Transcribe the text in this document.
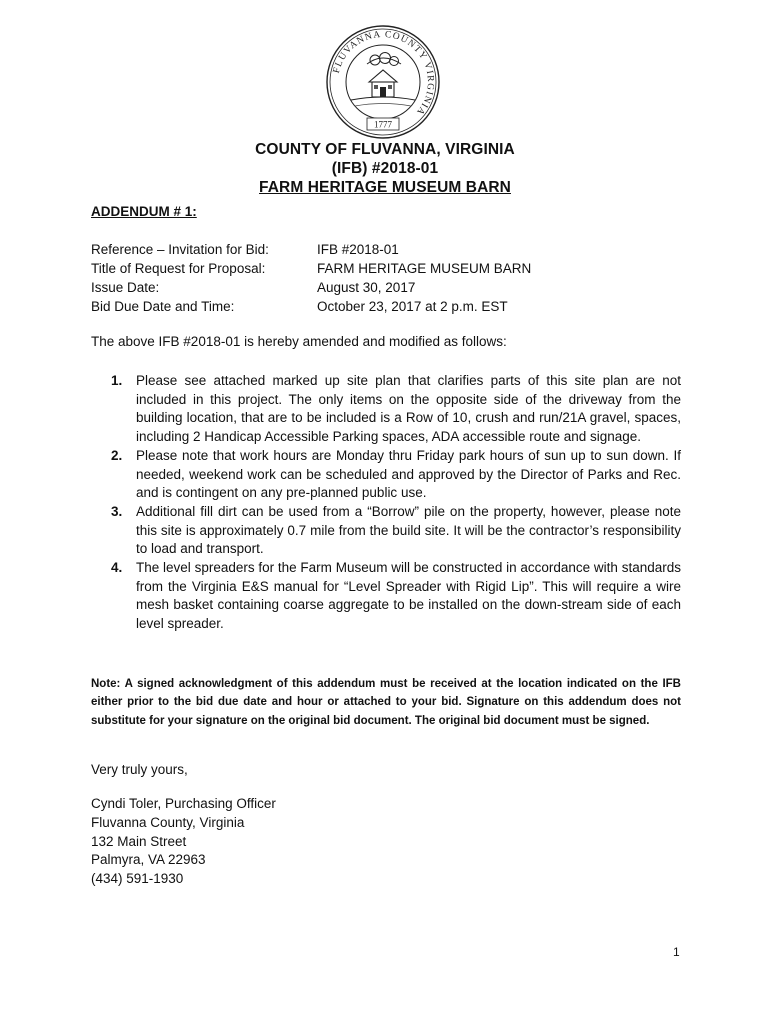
FLUVANNA COUNTY VIRGINIA
1777
COUNTY OF FLUVANNA, VIRGINIA
(IFB) #2018-01
FARM HERITAGE MUSEUM BARN
ADDENDUM # 1:
Reference – Invitation for Bid:	IFB #2018-01
Title of Request for Proposal:	FARM HERITAGE MUSEUM BARN
Issue Date:	August 30, 2017
Bid Due Date and Time:	October 23, 2017 at 2 p.m. EST
The above IFB #2018-01 is hereby amended and modified as follows:
1.	Please see attached marked up site plan that clarifies parts of this site plan are not included in this project. The only items on the opposite side of the driveway from the building location, that are to be included is a Row of 10, crush and run/21A gravel, spaces, including 2 Handicap Accessible Parking spaces, ADA accessible route and signage.
2.	Please note that work hours are Monday thru Friday park hours of sun up to sun down. If needed, weekend work can be scheduled and approved by the Director of Parks and Rec. and is contingent on any pre-planned public use.
3.	Additional fill dirt can be used from a “Borrow” pile on the property, however, please note this site is approximately 0.7 mile from the build site. It will be the contractor’s responsibility to load and transport.
4.	The level spreaders for the Farm Museum will be constructed in accordance with standards from the Virginia E&S manual for “Level Spreader with Rigid Lip”. This will require a wire mesh basket containing coarse aggregate to be installed on the down-stream side of each level spreader.
Note: A signed acknowledgment of this addendum must be received at the location indicated on the IFB either prior to the bid due date and hour or attached to your bid. Signature on this addendum does not substitute for your signature on the original bid document. The original bid document must be signed.
Very truly yours,
Cyndi Toler, Purchasing Officer
Fluvanna County, Virginia
132 Main Street
Palmyra, VA 22963
(434) 591-1930
1
